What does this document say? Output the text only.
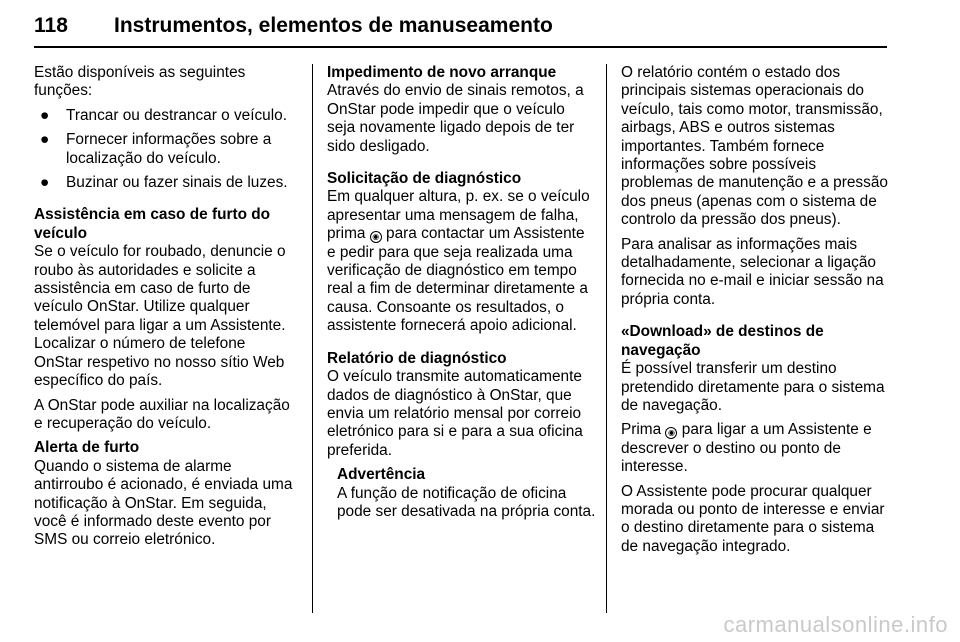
118 Instrumentos, elementos de manuseamento

Estão disponíveis as seguintes funções:

● Trancar ou destrancar o veículo.
● Fornecer informações sobre a localização do veículo.
● Buzinar ou fazer sinais de luzes.
Assistência em caso de furto do veículo

Se o veículo for roubado, denuncie o roubo às autoridades e solicite a assistência em caso de furto de veículo OnStar. Utilize qualquer telemóvel para ligar a um Assistente. Localizar o número de telefone OnStar respetivo no nosso sítio Web específico do país.

A OnStar pode auxiliar na localização e recuperação do veículo.

Alerta de furto

Quando o sistema de alarme antirroubo é acionado, é enviada uma notificação à OnStar. Em seguida, você é informado deste evento por SMS ou correio eletrónico.

Impedimento de novo arranque

Através do envio de sinais remotos, a OnStar pode impedir que o veículo seja novamente ligado depois de ter sido desligado.

Solicitação de diagnóstico

Em qualquer altura, p. ex. se o veículo apresentar uma mensagem de falha, prima ◉ para contactar um Assistente e pedir para que seja realizada uma verificação de diagnóstico em tempo real a fim de determinar diretamente a causa. Consoante os resultados, o assistente fornecerá apoio adicional.

Relatório de diagnóstico

O veículo transmite automaticamente dados de diagnóstico à OnStar, que envia um relatório mensal por correio eletrónico para si e para a sua oficina preferida.

Advertência

A função de notificação de oficina pode ser desativada na própria conta.

O relatório contém o estado dos principais sistemas operacionais do veículo, tais como motor, transmissão, airbags, ABS e outros sistemas importantes. Também fornece informações sobre possíveis problemas de manutenção e a pressão dos pneus (apenas com o sistema de controlo da pressão dos pneus).

Para analisar as informações mais detalhadamente, selecionar a ligação fornecida no e-mail e iniciar sessão na própria conta.

«Download» de destinos de navegação

É possível transferir um destino pretendido diretamente para o sistema de navegação.

Prima ◉ para ligar a um Assistente e descrever o destino ou ponto de interesse.

O Assistente pode procurar qualquer morada ou ponto de interesse e enviar o destino diretamente para o sistema de navegação integrado.

carmanualsonline.info
